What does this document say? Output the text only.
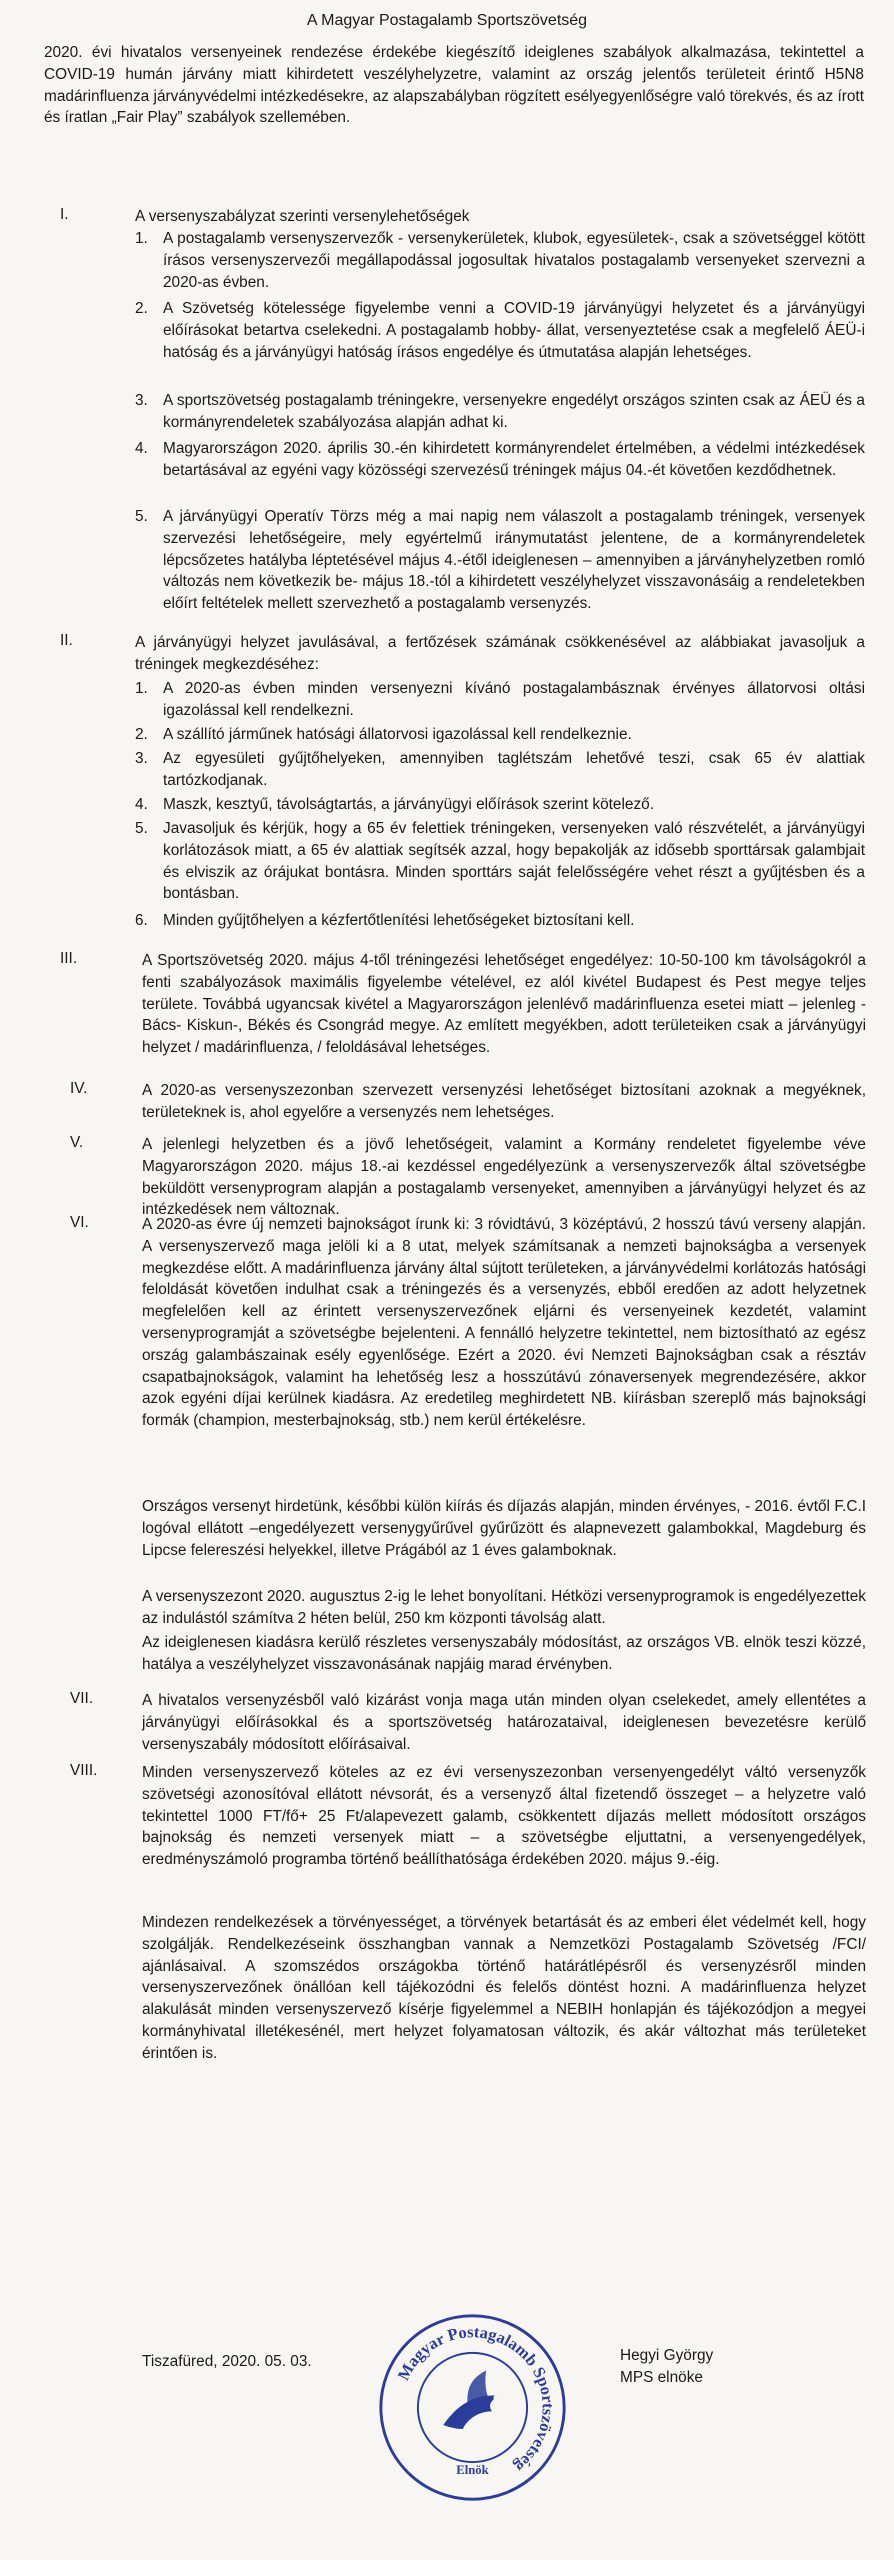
A Magyar Postagalamb Sportszövetség
2020. évi hivatalos versenyeinek rendezése érdekébe kiegészítő ideiglenes szabályok alkalmazása, tekintettel a COVID-19 humán járvány miatt kihirdetett veszélyhelyzetre, valamint az ország jelentős területeit érintő H5N8 madárinfluenza járványvédelmi intézkedésekre, az alapszabályban rögzített esélyegyenlőségre való törekvés, és az írott és íratlan „Fair Play” szabályok szellemében.
I.	A versenyszabályzat szerinti versenylehetőségek
1. A postagalamb versenyszervezők - versenykerületek, klubok, egyesületek-, csak a szövetséggel kötött írásos versenyszervezői megállapodással jogosultak hivatalos postagalamb versenyeket szervezni a 2020-as évben.
2. A Szövetség kötelessége figyelembe venni a COVID-19 járványügyi helyzetet és a járványügyi előírásokat betartva cselekedni. A postagalamb hobby- állat, versenyeztetése csak a megfelelő ÁEÜ-i hatóság és a járványügyi hatóság írásos engedélye és útmutatása alapján lehetséges.
3. A sportszövetség postagalamb tréningekre, versenyekre engedélyt országos szinten csak az ÁEÜ és a kormányrendeletek szabályozása alapján adhat ki.
4. Magyarországon 2020. április 30.-én kihirdetett kormányrendelet értelmében, a védelmi intézkedések betartásával az egyéni vagy közösségi szervezésű tréningek május 04.-ét követően kezdődhetnek.
5. A járványügyi Operatív Törzs még a mai napig nem válaszolt a postagalamb tréningek, versenyek szervezési lehetőségeire, mely egyértelmű iránymutatást jelentene, de a kormányrendeletek lépcsőzetes hatályba léptetésével május 4.-étől ideiglenesen – amennyiben a járványhelyzetben romló változás nem következik be- május 18.-tól a kihirdetett veszélyhelyzet visszavonásáig a rendeletekben előírt feltételek mellett szervezhető a postagalamb versenyzés.
II.	A járványügyi helyzet javulásával, a fertőzések számának csökkenésével az alábbiakat javasoljuk a tréningek megkezdéséhez:
1. A 2020-as évben minden versenyezni kívánó postagalambásznak érvényes állatorvosi oltási igazolással kell rendelkezni.
2. A szállító járműnek hatósági állatorvosi igazolással kell rendelkeznie.
3. Az egyesületi gyűjtőhelyeken, amennyiben taglétszám lehetővé teszi, csak 65 év alattiak tartózkodjanak.
4. Maszk, kesztyű, távolságtartás, a járványügyi előírások szerint kötelező.
5. Javasoljuk és kérjük, hogy a 65 év felettiek tréningeken, versenyeken való részvételét, a járványügyi korlátozások miatt, a 65 év alattiak segítsék azzal, hogy bepakolják az idősebb sporttársak galambjait és elviszik az órájukat bontásra. Minden sporttárs saját felelősségére vehet részt a gyűjtésben és a bontásban.
6. Minden gyűjtőhelyen a kézfertőtlenítési lehetőségeket biztosítani kell.
III.	A Sportszövetség 2020. május 4-től tréningezési lehetőséget engedélyez: 10-50-100 km távolságokról a fenti szabályozások maximális figyelembe vételével, ez alól kivétel Budapest és Pest megye teljes területe. Továbbá ugyancsak kivétel a Magyarországon jelenlévő madárinfluenza esetei miatt – jelenleg - Bács- Kiskun-, Békés és Csongrád megye. Az említett megyékben, adott területeiken csak a járványügyi helyzet / madárinfluenza, / feloldásával lehetséges.
IV.	A 2020-as versenyszezonban szervezett versenyzési lehetőséget biztosítani azoknak a megyéknek, területeknek is, ahol egyelőre a versenyzés nem lehetséges.
V.	A jelenlegi helyzetben és a jövő lehetőségeit, valamint a Kormány rendeletet figyelembe véve Magyarországon 2020. május 18.-ai kezdéssel engedélyezünk a versenyszervezők által szövetségbe beküldött versenyprogram alapján a postagalamb versenyeket, amennyiben a járványügyi helyzet és az intézkedések nem változnak.
VI.	A 2020-as évre új nemzeti bajnokságot írunk ki: 3 róvidtávú, 3 középtávú, 2 hosszú távú verseny alapján. A versenyszervező maga jelöli ki a 8 utat, melyek számítsanak a nemzeti bajnokságba a versenyek megkezdése előtt. A madárinfluenza járvány által sújtott területeken, a járványvédelmi korlátozás hatósági feloldását követően indulhat csak a tréningezés és a versenyzés, ebből eredően az adott helyzetnek megfelelően kell az érintett versenyszervezőnek eljárni és versenyeinek kezdetét, valamint versenyprogramját a szövetségbe bejelenteni. A fennálló helyzetre tekintettel, nem biztosítható az egész ország galambászainak esély egyenlősége. Ezért a 2020. évi Nemzeti Bajnokságban csak a résztáv csapatbajnokságok, valamint ha lehetőség lesz a hosszútávú zónaversenyek megrendezésére, akkor azok egyéni díjai kerülnek kiadásra. Az eredetileg meghirdetett NB. kiírásban szereplő más bajnoksági formák (champion, mesterbajnokság, stb.) nem kerül értékelésre.
Országos versenyt hirdetünk, későbbi külön kiírás és díjazás alapján, minden érvényes, - 2016. évtől F.C.I logóval ellátott –engedélyezett versenygyűrűvel gyűrűzött és alapnevezett galambokkal, Magdeburg és Lipcse felereszési helyekkel, illetve Prágából az 1 éves galamboknak.
A versenyszezont 2020. augusztus 2-ig le lehet bonyolítani. Hétközi versenyprogramok is engedélyezettek az indulástól számítva 2 héten belül, 250 km központi távolság alatt.
Az ideiglenesen kiadásra kerülő részletes versenyszabály módosítást, az országos VB. elnök teszi közzé, hatálya a veszélyhelyzet visszavonásának napjáig marad érvényben.
VII.	A hivatalos versenyzésből való kizárást vonja maga után minden olyan cselekedet, amely ellentétes a járványügyi előírásokkal és a sportszövetség határozataival, ideiglenesen bevezetésre kerülő versenyszabály módosított előírásaival.
VIII.	Minden versenyszervező köteles az ez évi versenyszezonban versenyengedélyt váltó versenyzők szövetségi azonosítóval ellátott névsorát, és a versenyző által fizetendő összeget – a helyzetre való tekintettel 1000 FT/fő+ 25 Ft/alapevezett galamb, csökkentett díjazás mellett módosított országos bajnokság és nemzeti versenyek miatt – a szövetségbe eljuttatni, a versenyengedélyek, eredményszámoló programba történő beállíthatósága érdekében 2020. május 9.-éig.
Mindezen rendelkezések a törvényességet, a törvények betartását és az emberi élet védelmét kell, hogy szolgálják. Rendelkezéseink összhangban vannak a Nemzetközi Postagalamb Szövetség /FCI/ ajánlásaival. A szomszédos országokba történő határátlépésről és versenyzésről minden versenyszervezőnek önállóan kell tájékozódni és felelős döntést hozni. A madárinfluenza helyzet alakulását minden versenyszervező kísérje figyelemmel a NEBIH honlapján és tájékozódjon a megyei kormányhivatal illetékesénél, mert helyzet folyamatosan változik, és akár változhat más területeket érintően is.
Tiszafüred, 2020. 05. 03.	Magyar Postagalamb Sportszövetség
Elnök
Hegyi György
MPS elnöke
